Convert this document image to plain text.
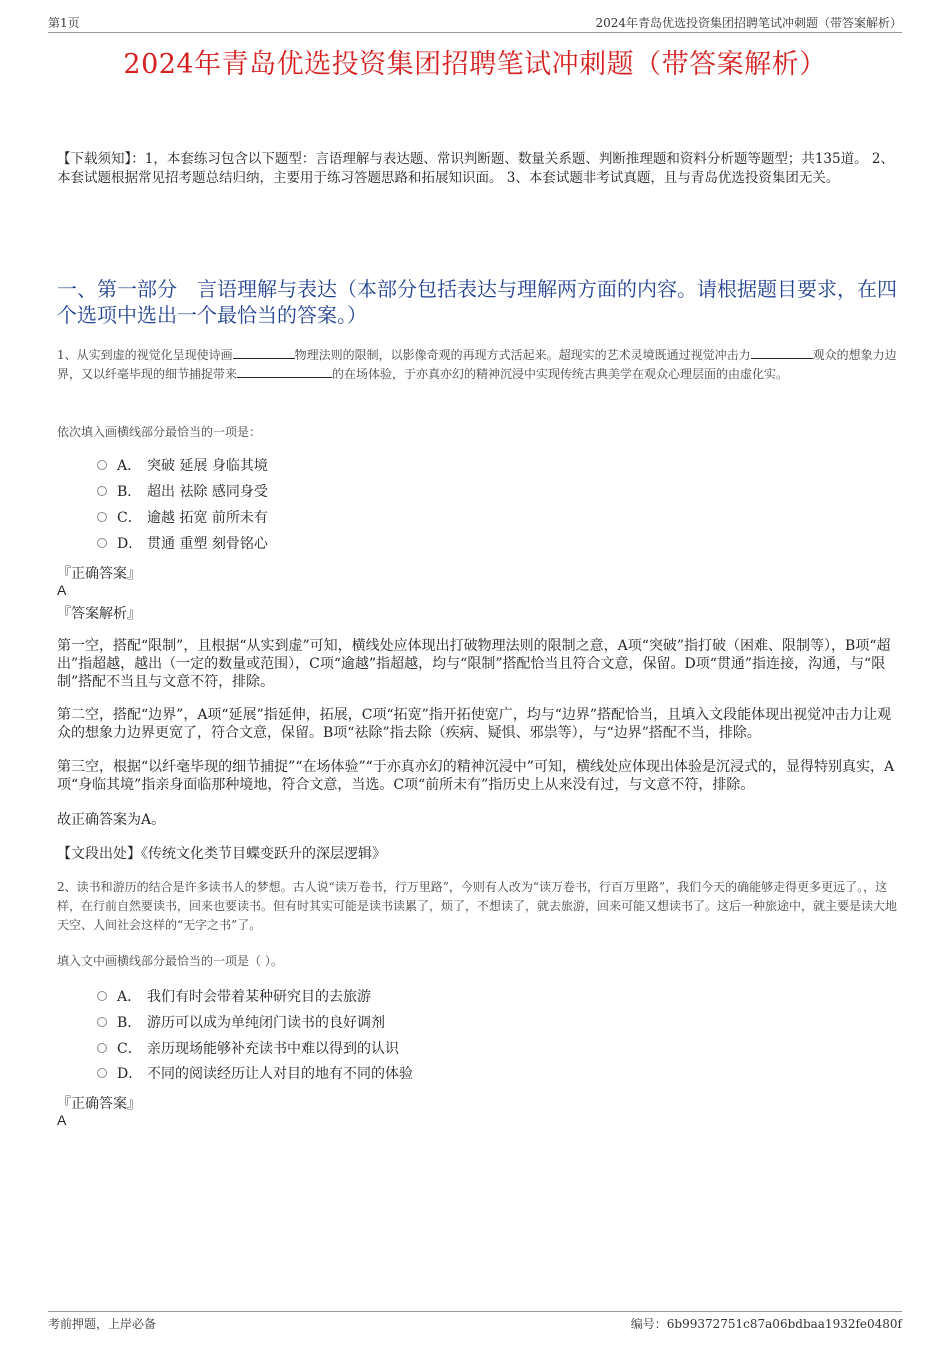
第1页	2024年青岛优选投资集团招聘笔试冲刺题（带答案解析）
2024年青岛优选投资集团招聘笔试冲刺题（带答案解析）
【下载须知】：1，本套练习包含以下题型：言语理解与表达题、常识判断题、数量关系题、判断推理题和资料分析题等题型；共135道。 2、本套试题根据常见招考题总结归纳，主要用于练习答题思路和拓展知识面。 3、本套试题非考试真题，且与青岛优选投资集团无关。
一、第一部分　言语理解与表达（本部分包括表达与理解两方面的内容。请根据题目要求，在四个选项中选出一个最恰当的答案。）
1、从实到虚的视觉化呈现使诗画	物理法则的限制，以影像奇观的再现方式活起来。超现实的艺术灵境既通过视觉冲击力	观众的想象力边界，又以纤毫毕现的细节捕捉带来	的在场体验，于亦真亦幻的精神沉浸中实现传统古典美学在观众心理层面的由虚化实。
依次填入画横线部分最恰当的一项是：
A． 突破 延展 身临其境
B． 超出 祛除 感同身受
C． 逾越 拓宽 前所未有
D． 贯通 重塑 刻骨铭心
『正确答案』
A
『答案解析』
第一空，搭配“限制”，且根据“从实到虚”可知，横线处应体现出打破物理法则的限制之意，A项“突破”指打破（困难、限制等），B项“超出”指超越，越出（一定的数量或范围），C项“逾越”指超越，均与“限制”搭配恰当且符合文意，保留。D项“贯通”指连接，沟通，与“限制”搭配不当且与文意不符，排除。
第二空，搭配“边界”，A项“延展”指延伸，拓展，C项“拓宽”指开拓使宽广，均与“边界”搭配恰当，且填入文段能体现出视觉冲击力让观众的想象力边界更宽了，符合文意，保留。B项“祛除”指去除（疾病、疑惧、邪祟等），与“边界”搭配不当，排除。
第三空，根据“以纤毫毕现的细节捕捉”“在场体验”“于亦真亦幻的精神沉浸中”可知，横线处应体现出体验是沉浸式的，显得特别真实，A项“身临其境”指亲身面临那种境地，符合文意，当选。C项“前所未有”指历史上从来没有过，与文意不符，排除。
故正确答案为A。
【文段出处】《传统文化类节目蝶变跃升的深层逻辑》
2、读书和游历的结合是许多读书人的梦想。古人说“读万卷书，行万里路”，今则有人改为“读万卷书，行百万里路”，我们今天的确能够走得更多更远了。，这样，在行前自然要读书，回来也要读书。但有时其实可能是读书读累了，烦了，不想读了，就去旅游，回来可能又想读书了。这后一种旅途中，就主要是读大地天空、人间社会这样的“无字之书”了。
填入文中画横线部分最恰当的一项是（ ）。
A． 我们有时会带着某种研究目的去旅游
B． 游历可以成为单纯闭门读书的良好调剂
C． 亲历现场能够补充读书中难以得到的认识
D． 不同的阅读经历让人对目的地有不同的体验
『正确答案』
A
考前押题，上岸必备	编号：6b99372751c87a06bdbaa1932fe0480f
